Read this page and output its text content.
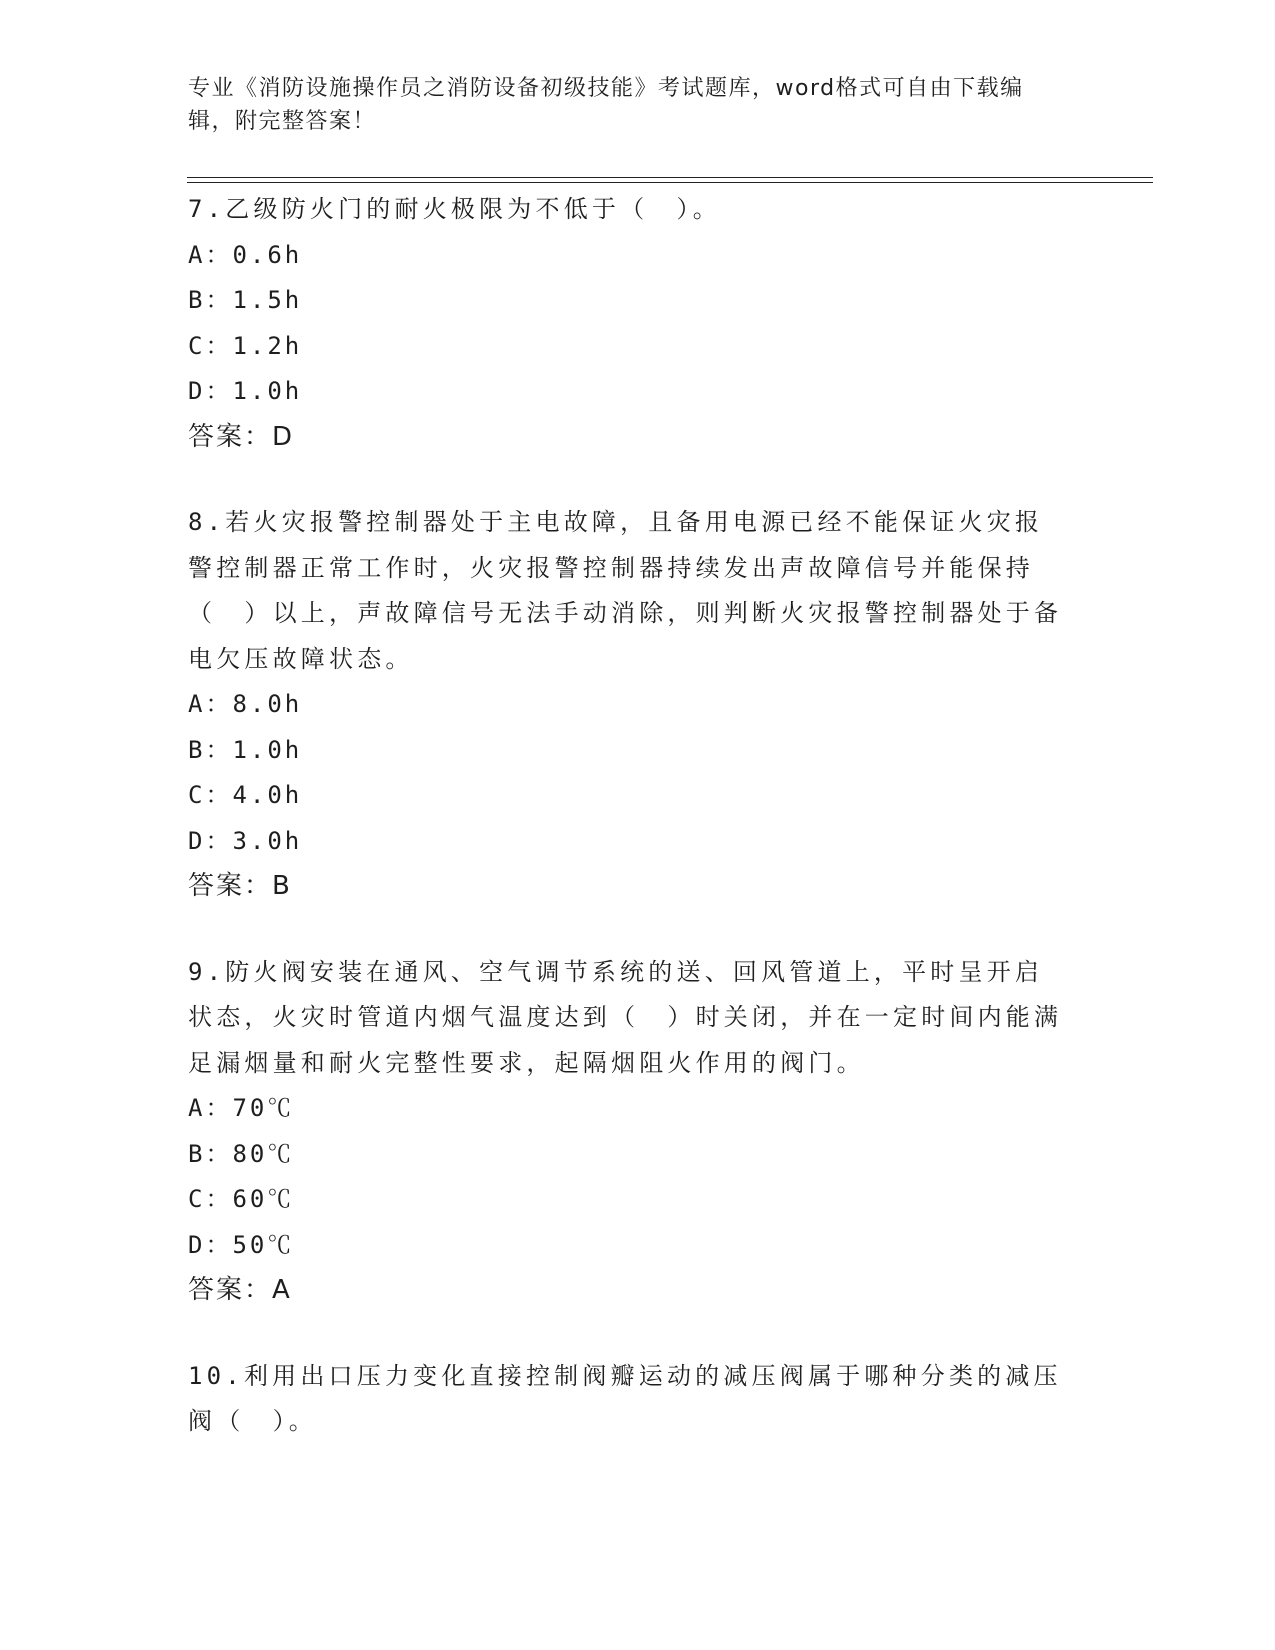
专业《消防设施操作员之消防设备初级技能》考试题库，word格式可自由下载编辑，附完整答案！

7.乙级防火门的耐火极限为不低于（　）。

A：0.6h

B：1.5h

C：1.2h

D：1.0h

答案：D

8.若火灾报警控制器处于主电故障，且备用电源已经不能保证火灾报警控制器正常工作时，火灾报警控制器持续发出声故障信号并能保持（　）以上，声故障信号无法手动消除，则判断火灾报警控制器处于备电欠压故障状态。

A：8.0h

B：1.0h

C：4.0h

D：3.0h

答案：B

9.防火阀安装在通风、空气调节系统的送、回风管道上，平时呈开启状态，火灾时管道内烟气温度达到（　）时关闭，并在一定时间内能满足漏烟量和耐火完整性要求，起隔烟阻火作用的阀门。

A：70℃

B：80℃

C：60℃

D：50℃

答案：A

10.利用出口压力变化直接控制阀瓣运动的减压阀属于哪种分类的减压阀（　）。
